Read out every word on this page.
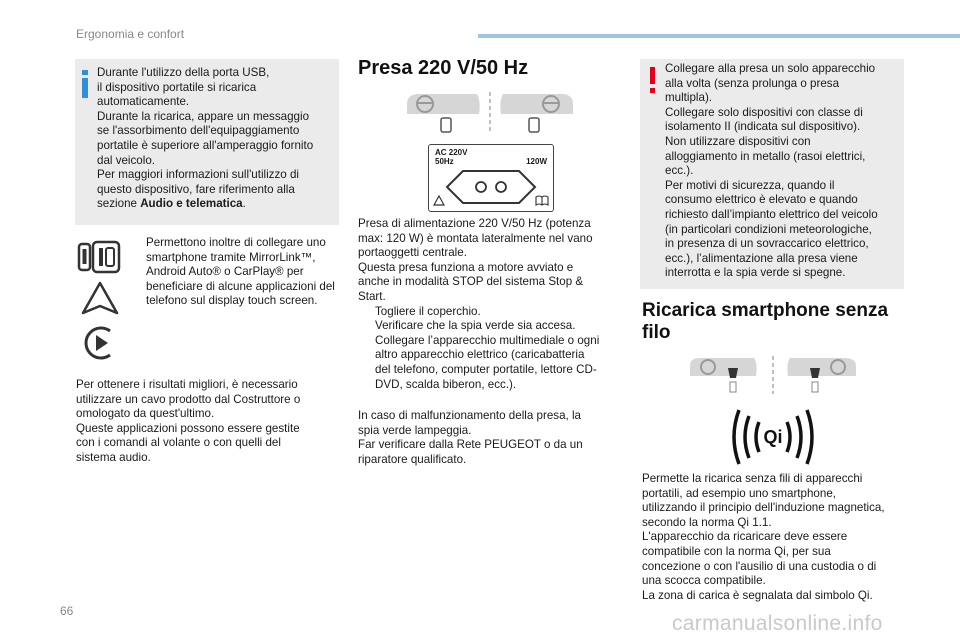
Ergonomia e confort

Durante l'utilizzo della porta USB,

il dispositivo portatile si ricarica

automaticamente.

Durante la ricarica, appare un messaggio

se l'assorbimento dell'equipaggiamento

portatile è superiore all'amperaggio fornito

dal veicolo.

Per maggiori informazioni sull'utilizzo di

questo dispositivo, fare riferimento alla

sezione Audio e telematica.

Permettono inoltre di collegare uno

smartphone tramite MirrorLink™,

Android Auto® o CarPlay® per

beneficiare di alcune applicazioni del

telefono sul display touch screen.

Per ottenere i risultati migliori, è necessario

utilizzare un cavo prodotto dal Costruttore o

omologato da quest'ultimo.

Queste applicazioni possono essere gestite

con i comandi al volante o con quelli del

sistema audio.

Presa 220 V/50 Hz
AC 220V
50Hz	120W

Presa di alimentazione 220 V/50 Hz (potenza

max: 120 W) è montata lateralmente nel vano

portaoggetti centrale.

Questa presa funziona a motore avviato e

anche in modalità STOP del sistema Stop &

Start.

Togliere il coperchio.
Verificare che la spia verde sia accesa.
Collegare l’apparecchio multimediale o ogni
altro apparecchio elettrico (caricabatteria
del telefono, computer portatile, lettore CD-
DVD, scalda biberon, ecc.).

In caso di malfunzionamento della presa, la

spia verde lampeggia.

Far verificare dalla Rete PEUGEOT o da un

riparatore qualificato.

Collegare alla presa un solo apparecchio

alla volta (senza prolunga o presa

multipla).

Collegare solo dispositivi con classe di

isolamento II (indicata sul dispositivo).

Non utilizzare dispositivi con

alloggiamento in metallo (rasoi elettrici,

ecc.).

Per motivi di sicurezza, quando il

consumo elettrico è elevato e quando

richiesto dall’impianto elettrico del veicolo

(in particolari condizioni meteorologiche,

in presenza di un sovraccarico elettrico,

ecc.), l’alimentazione alla presa viene

interrotta e la spia verde si spegne.

Ricarica smartphone senza
filo
Qi

Permette la ricarica senza fili di apparecchi

portatili, ad esempio uno smartphone,

utilizzando il principio dell'induzione magnetica,

secondo la norma Qi 1.1.

L'apparecchio da ricaricare deve essere

compatibile con la norma Qi, per sua

concezione o con l'ausilio di una custodia o di

una scocca compatibile.

La zona di carica è segnalata dal simbolo Qi.

66
carmanualsonline.info
